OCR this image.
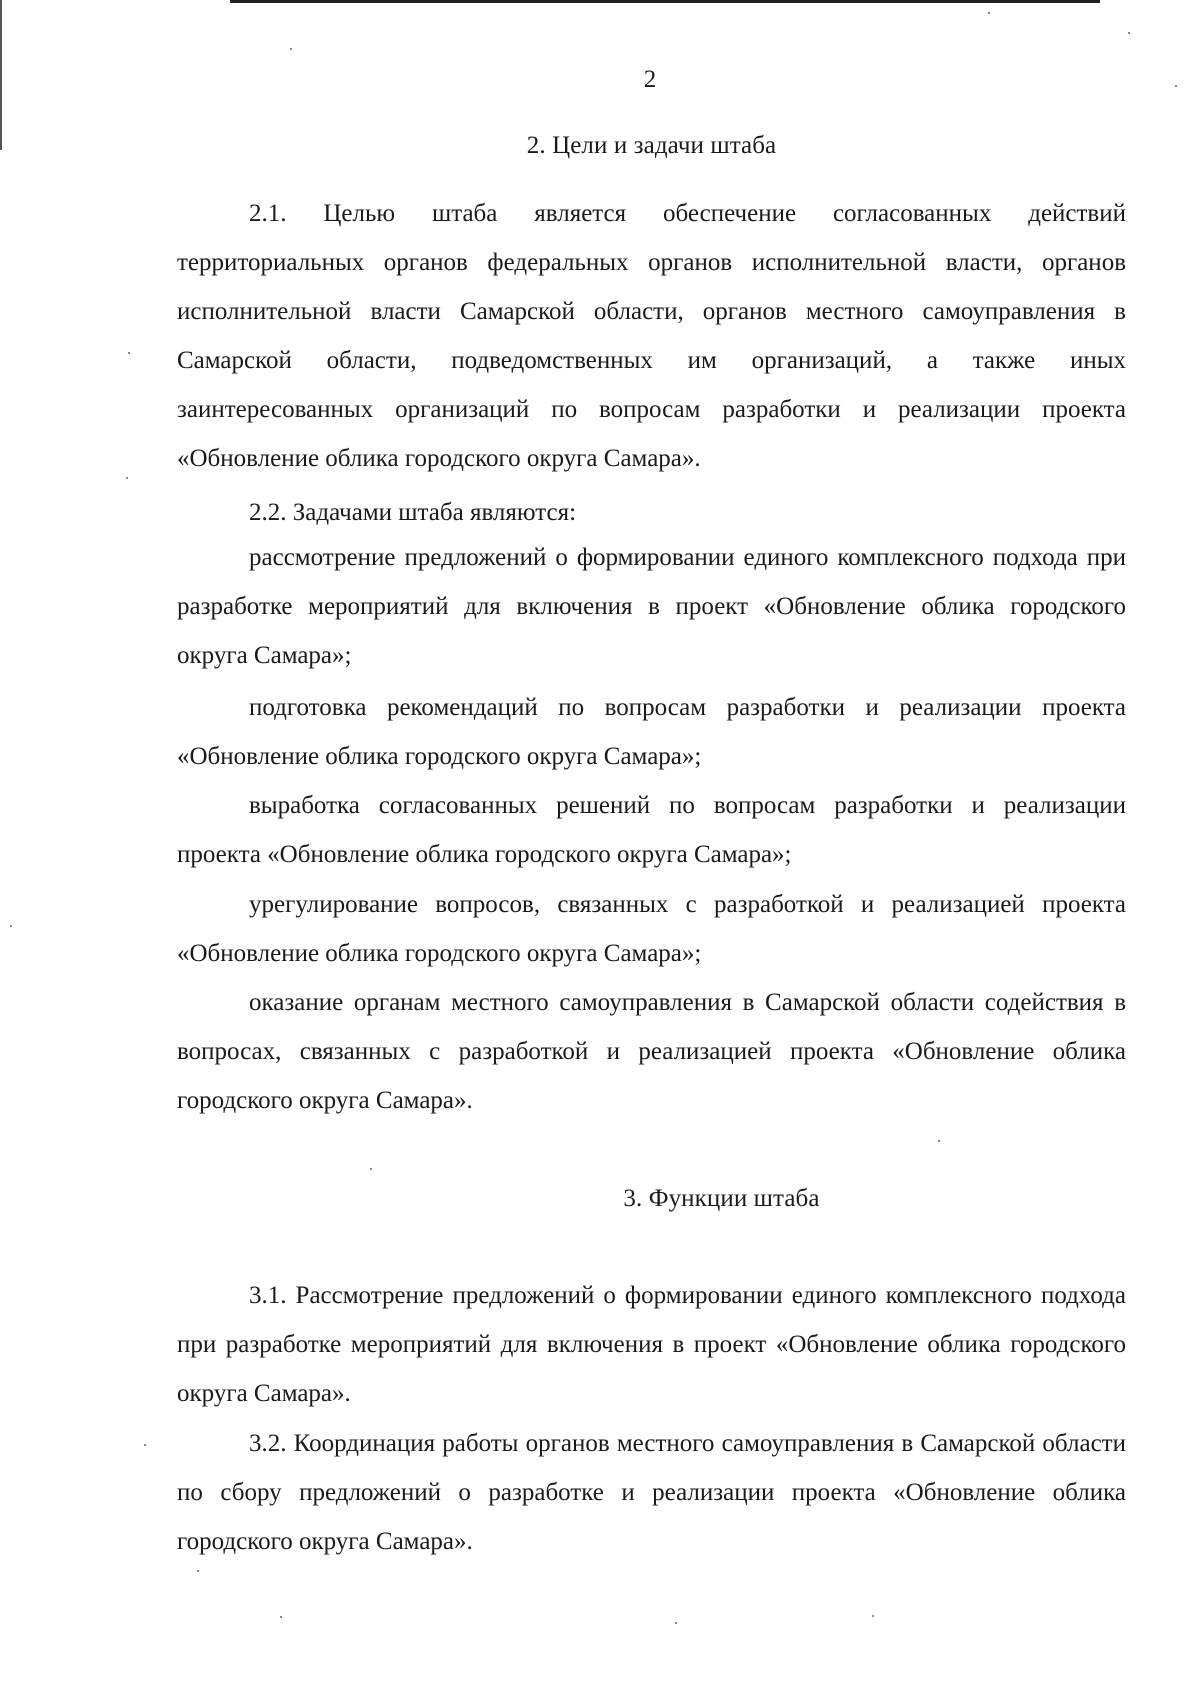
2
2. Цели и задачи штаба

2.1. Целью штаба является обеспечение согласованных действий территориальных органов федеральных органов исполнительной власти, органов исполнительной власти Самарской области, органов местного самоуправления в Самарской области, подведомственных им организаций, а также иных заинтересованных организаций по вопросам разработки и реализации проекта «Обновление облика городского округа Самара».

2.2. Задачами штаба являются:

рассмотрение предложений о формировании единого комплексного подхода при разработке мероприятий для включения в проект «Обновление облика городского округа Самара»;

подготовка рекомендаций по вопросам разработки и реализации проекта «Обновление облика городского округа Самара»;

выработка согласованных решений по вопросам разработки и реализации проекта «Обновление облика городского округа Самара»;

урегулирование вопросов, связанных с разработкой и реализацией проекта «Обновление облика городского округа Самара»;

оказание органам местного самоуправления в Самарской области содействия в вопросах, связанных с разработкой и реализацией проекта «Обновление облика городского округа Самара».

3. Функции штаба

3.1. Рассмотрение предложений о формировании единого комплексного подхода при разработке мероприятий для включения в проект «Обновление облика городского округа Самара».

3.2. Координация работы органов местного самоуправления в Самарской области по сбору предложений о разработке и реализации проекта «Обновление облика городского округа Самара».
